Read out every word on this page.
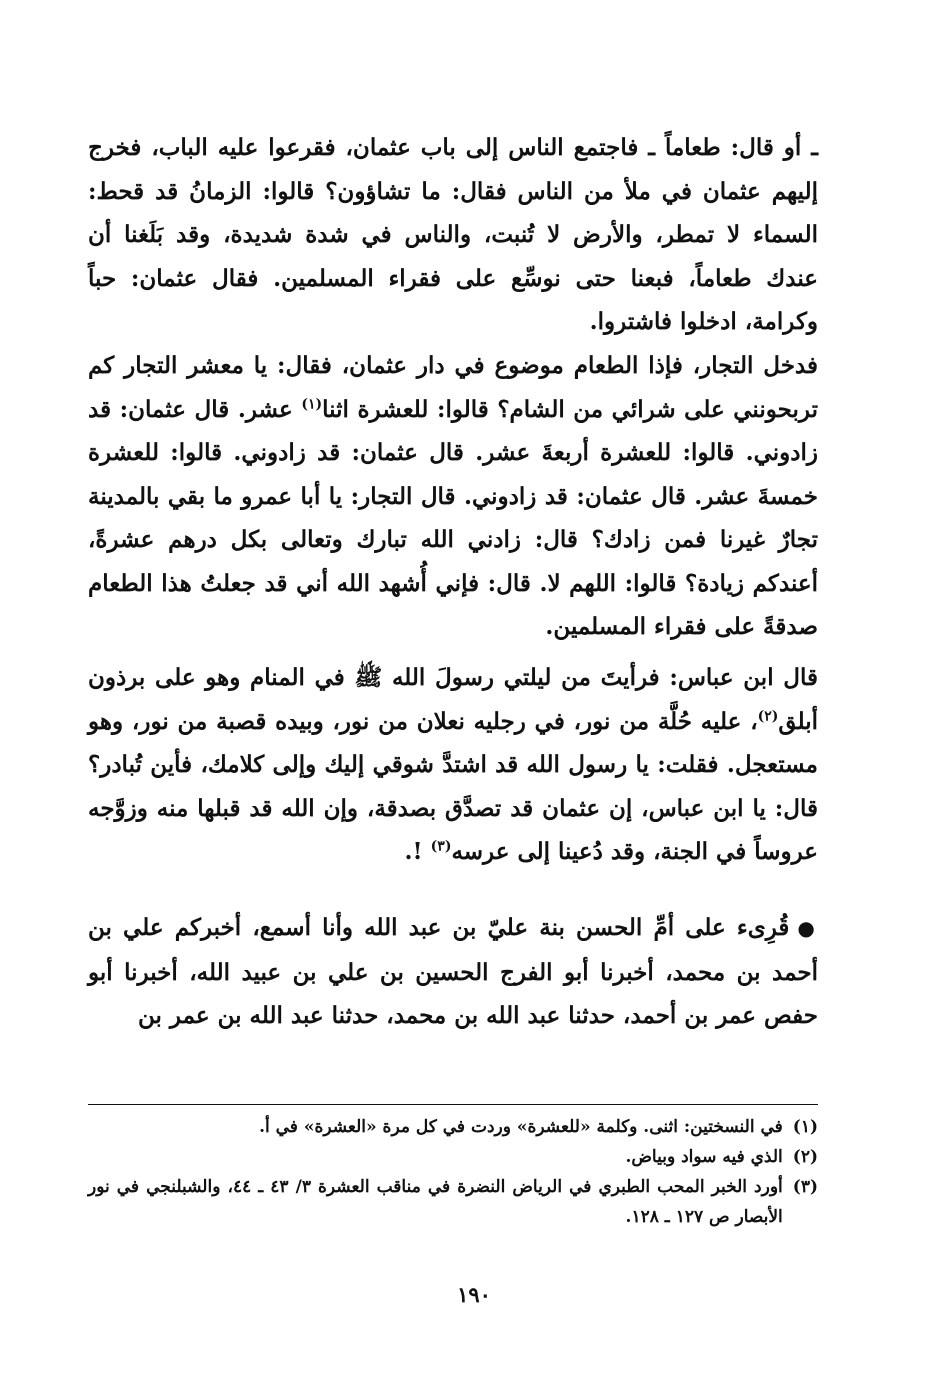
ـ أو قال: طعاماً ـ فاجتمع الناس إلى باب عثمان، فقرعوا عليه الباب، فخرج إليهم عثمان في ملأ من الناس فقال: ما تشاؤون؟ قالوا: الزمانُ قد قحط: السماء لا تمطر، والأرض لا تُنبت، والناس في شدة شديدة، وقد بَلَغنا أن عندك طعاماً، فبعنا حتى نوسِّع على فقراء المسلمين. فقال عثمان: حباً وكرامة، ادخلوا فاشتروا.
فدخل التجار، فإذا الطعام موضوع في دار عثمان، فقال: يا معشر التجار كم تربحونني على شرائي من الشام؟ قالوا: للعشرة اثنا$^{(١)}$ عشر. قال عثمان: قد زادوني. قالوا: للعشرة أربعةَ عشر. قال عثمان: قد زادوني. قالوا: للعشرة خمسةَ عشر. قال عثمان: قد زادوني. قال التجار: يا أبا عمرو ما بقي بالمدينة تجارٌ غيرنا فمن زادك؟ قال: زادني الله تبارك وتعالى بكل درهم عشرةً، أعندكم زيادة؟ قالوا: اللهم لا. قال: فإني أُشهد الله أني قد جعلتُ هذا الطعام صدقةً على فقراء المسلمين.
قال ابن عباس: فرأيتَ من ليلتي رسولَ الله ﷺ في المنام وهو على برذون أبلق$^{(٢)}$، عليه حُلَّة من نور، في رجليه نعلان من نور، وبيده قصبة من نور، وهو مستعجل. فقلت: يا رسول الله قد اشتدَّ شوقي إليك وإلى كلامك، فأين تُبادر؟ قال: يا ابن عباس، إن عثمان قد تصدَّق بصدقة، وإن الله قد قبلها منه وزوَّجه عروساً في الجنة، وقد دُعينا إلى عرسه$^{(٣)}$ !.
● قُرِىء على أمِّ الحسن بنة عليّ بن عبد الله وأنا أسمع، أخبركم علي بن أحمد بن محمد، أخبرنا أبو الفرج الحسين بن علي بن عبيد الله، أخبرنا أبو حفص عمر بن أحمد، حدثنا عبد الله بن محمد، حدثنا عبد الله بن عمر بن
(١)
في النسختين: اثنى. وكلمة «للعشرة» وردت في كل مرة «العشرة» في أ.
(٢)
الذي فيه سواد وبياض.
(٣)
أورد الخبر المحب الطبري في الرياض النضرة في مناقب العشرة ٣/ ٤٣ ـ ٤٤، والشبلنجي في نور الأبصار ص ١٢٧ ـ ١٢٨.
١٩٠
